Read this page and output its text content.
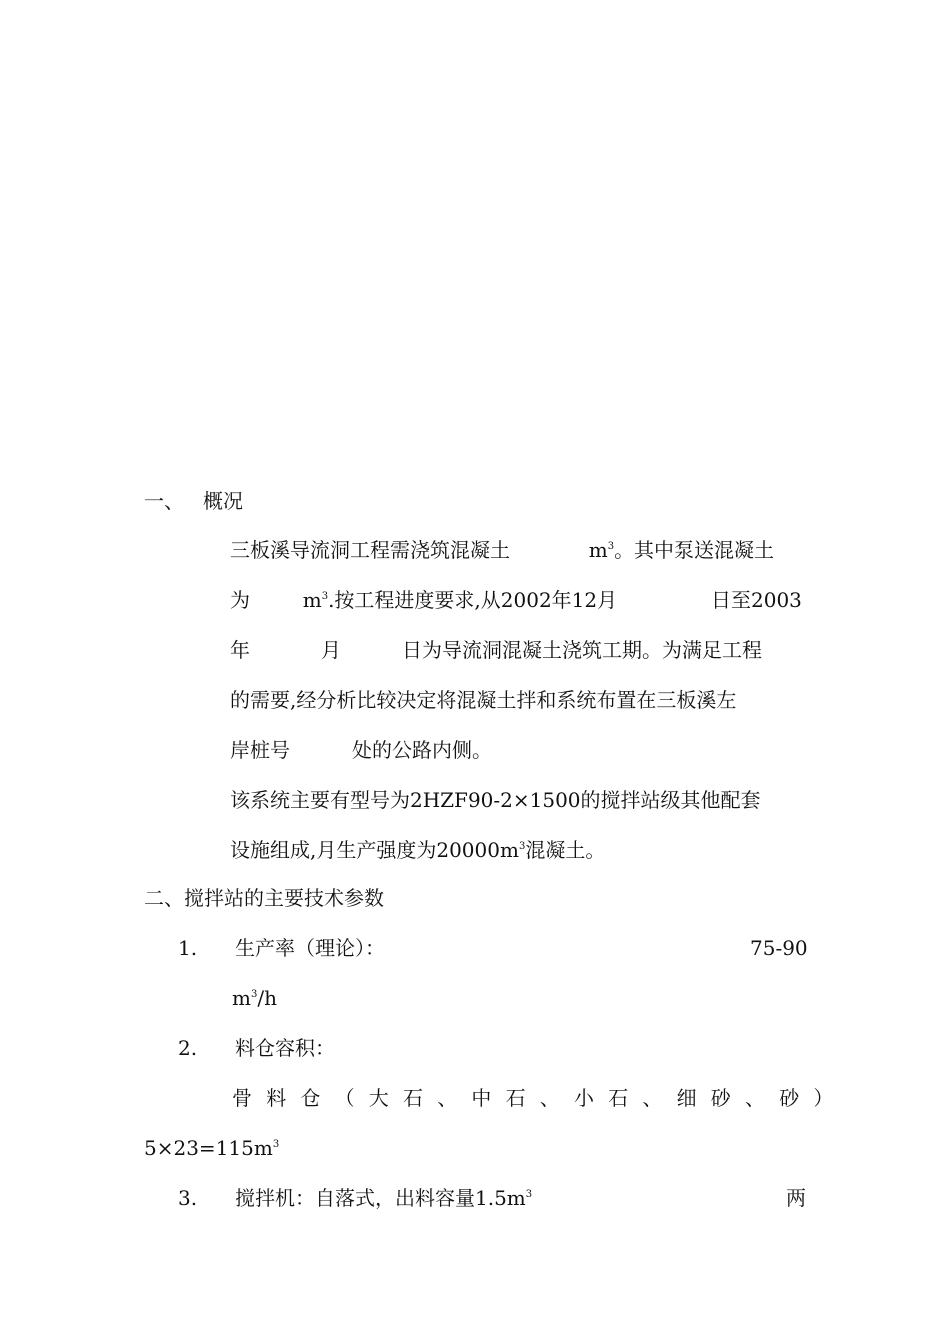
一、 概况
三板溪导流洞工程需浇筑混凝土	$m^3$。其中泵送混凝土
为	$m^3$.按工程进度要求,从2002年12月	日至2003
年	月	日为导流洞混凝土浇筑工期。为满足工程
的需要,经分析比较决定将混凝土拌和系统布置在三板溪左
岸桩号	处的公路内侧。
该系统主要有型号为2HZF90-2×1500的搅拌站级其他配套
设施组成,月生产强度为$20000m^3$混凝土。
二、搅拌站的主要技术参数
1. 生产率（理论）：	75-90
$m^3/h$
2. 料仓容积：
骨料仓（大石、中石、小石、细砂、砂）
$5\times 23=115m^3$
3. 搅拌机：自落式，出料容量$1.5m^3$	两
